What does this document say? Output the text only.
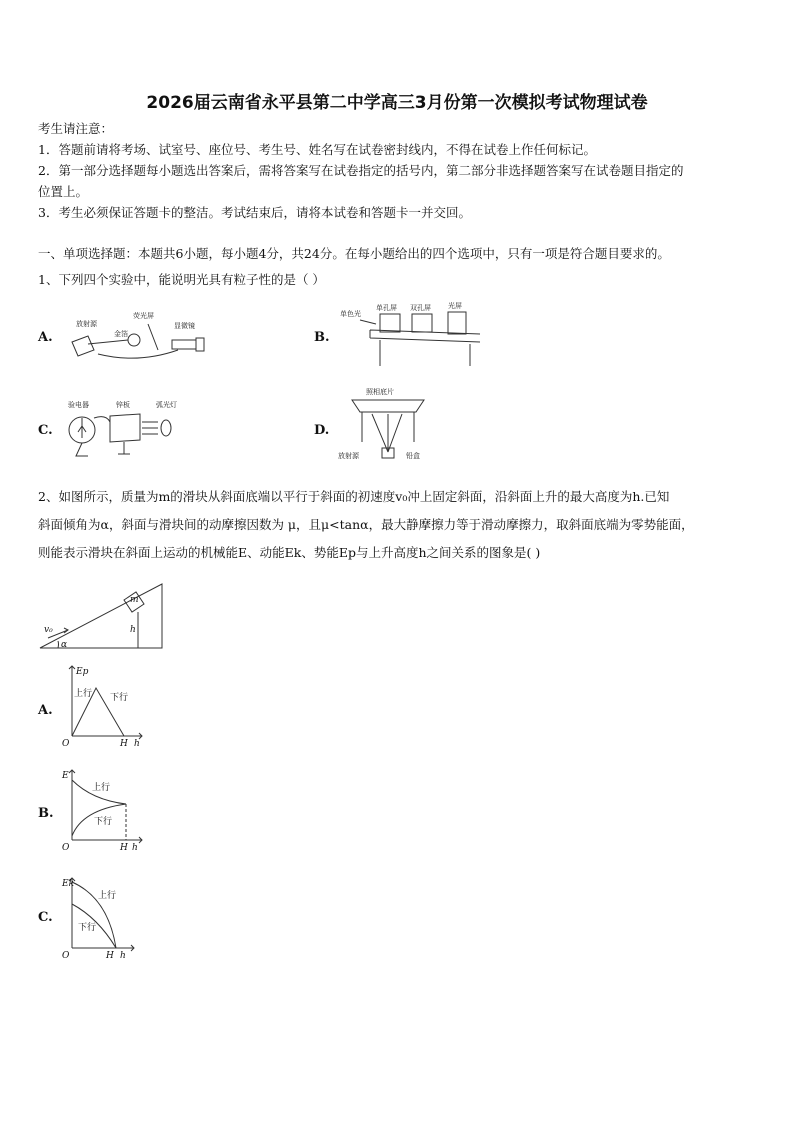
2026届云南省永平县第二中学高三3月份第一次模拟考试物理试卷
考生请注意：
1．答题前请将考场、试室号、座位号、考生号、姓名写在试卷密封线内，不得在试卷上作任何标记。
2．第一部分选择题每小题选出答案后，需将答案写在试卷指定的括号内，第二部分非选择题答案写在试卷题目指定的
位置上。
3．考生必须保证答题卡的整洁。考试结束后，请将本试卷和答题卡一并交回。
一、单项选择题：本题共6小题，每小题4分，共24分。在每小题给出的四个选项中，只有一项是符合题目要求的。
1、下列四个实验中，能说明光具有粒子性的是（ ）
A.	B.
C.	D.
放射源
荧光屏
显微镜
金箔
单色光
单孔屏 双孔屏 光屏
验电器	锌板	弧光灯
照相底片
放射源	铅盒
2、如图所示，质量为m的滑块从斜面底端以平行于斜面的初速度v₀冲上固定斜面，沿斜面上升的最大高度为h.已知
斜面倾角为α，斜面与滑块间的动摩擦因数为 μ，且μ<tanα，最大静摩擦力等于滑动摩擦力，取斜面底端为零势能面，
则能表示滑块在斜面上运动的机械能E、动能Ek、势能Ep与上升高度h之间关系的图象是( )
m
v₀	h
α
A.
B.
C.
Ep
上行 下行
O	H h
E
上行
下行
O	H h
Ek
上行
下行
O	H h
